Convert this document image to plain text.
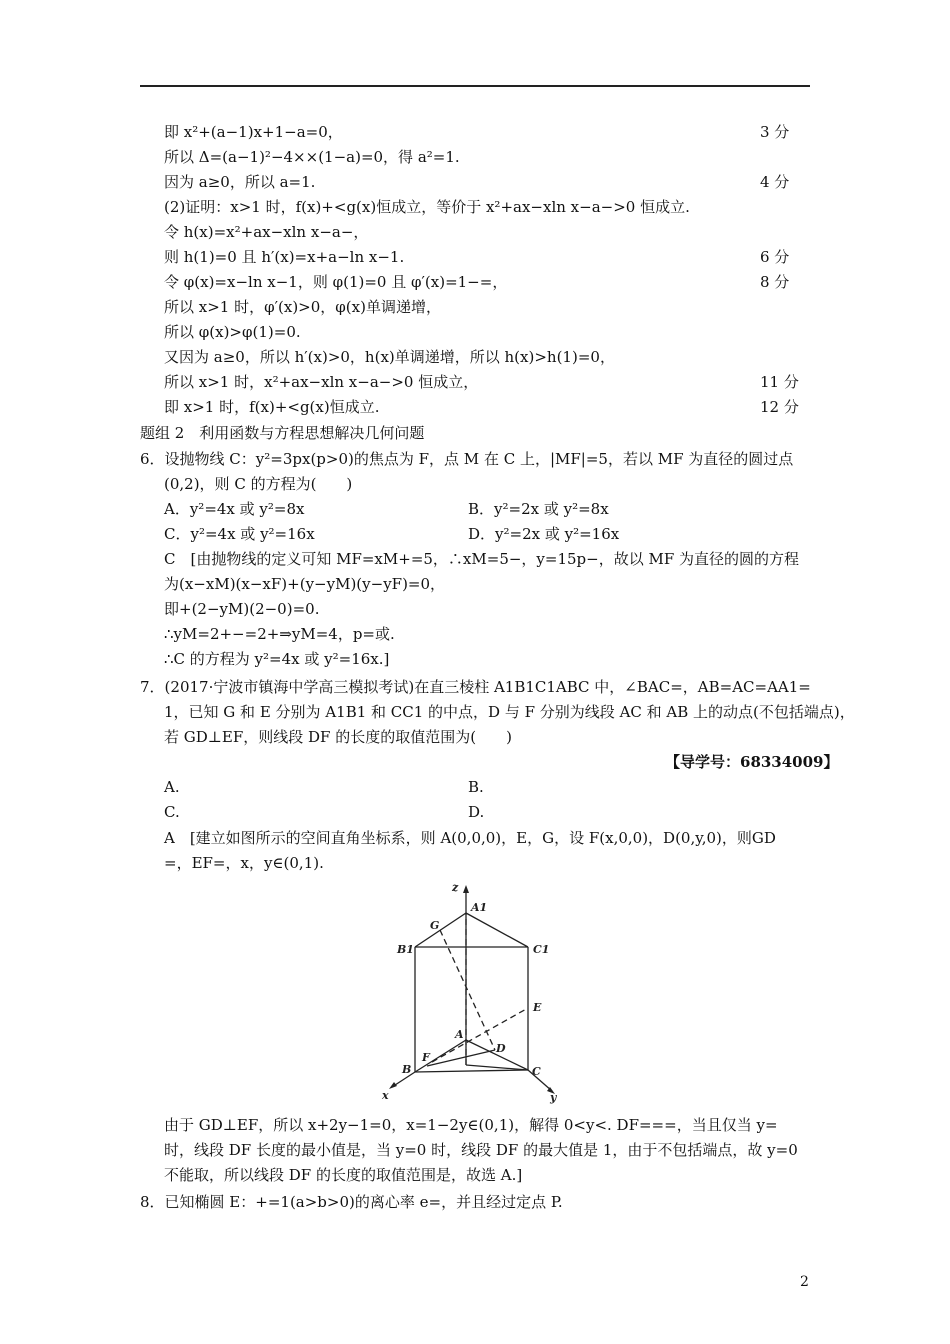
即 x²+(a−1)x+1−a=0，	3 分
所以 Δ=(a−1)²−4××(1−a)=0，得 a²=1.
因为 a≥0，所以 a=1.	4 分
(2)证明：x>1 时，f(x)+<g(x)恒成立，等价于 x²+ax−xln x−a−>0 恒成立.
令 h(x)=x²+ax−xln x−a−，
则 h(1)=0 且 h′(x)=x+a−ln x−1.	6 分
令 φ(x)=x−ln x−1，则 φ(1)=0 且 φ′(x)=1−=，	8 分
所以 x>1 时，φ′(x)>0，φ(x)单调递增，
所以 φ(x)>φ(1)=0.
又因为 a≥0，所以 h′(x)>0，h(x)单调递增，所以 h(x)>h(1)=0，
所以 x>1 时，x²+ax−xln x−a−>0 恒成立，	11 分
即 x>1 时，f(x)+<g(x)恒成立.	12 分
题组 2　利用函数与方程思想解决几何问题
6．设抛物线 C：y²=3px(p>0)的焦点为 F，点 M 在 C 上，|MF|=5，若以 MF 为直径的圆过点
(0,2)，则 C 的方程为(　　)
A．y²=4x 或 y²=8x	B．y²=2x 或 y²=8x
C．y²=4x 或 y²=16x	D．y²=2x 或 y²=16x
C　[由抛物线的定义可知 MF=xM+=5，∴xM=5−，y=15p−，故以 MF 为直径的圆的方程
为(x−xM)(x−xF)+(y−yM)(y−yF)=0，
即+(2−yM)(2−0)=0.
∴yM=2+−=2+⇒yM=4，p=或.
∴C 的方程为 y²=4x 或 y²=16x.]
7．(2017·宁波市镇海中学高三模拟考试)在直三棱柱 A1B1C1ABC 中，∠BAC=，AB=AC=AA1=
1，已知 G 和 E 分别为 A1B1 和 CC1 的中点，D 与 F 分别为线段 AC 和 AB 上的动点(不包括端点)，
若 GD⊥EF，则线段 DF 的长度的取值范围为(　　)
【导学号：68334009】
A.	B.
C.	D.
A　[建立如图所示的空间直角坐标系，则 A(0,0,0)，E，G，设 F(x,0,0)，D(0,y,0)，则GD
=，EF=，x，y∈(0,1).
z
A1
G
B1	C1
E
A
D
F
B	C
x	y
由于 GD⊥EF，所以 x+2y−1=0，x=1−2y∈(0,1)，解得 0<y<. DF===，当且仅当 y=
时，线段 DF 长度的最小值是，当 y=0 时，线段 DF 的最大值是 1，由于不包括端点，故 y=0
不能取，所以线段 DF 的长度的取值范围是，故选 A.]
8．已知椭圆 E：+=1(a>b>0)的离心率 e=，并且经过定点 P.
2
